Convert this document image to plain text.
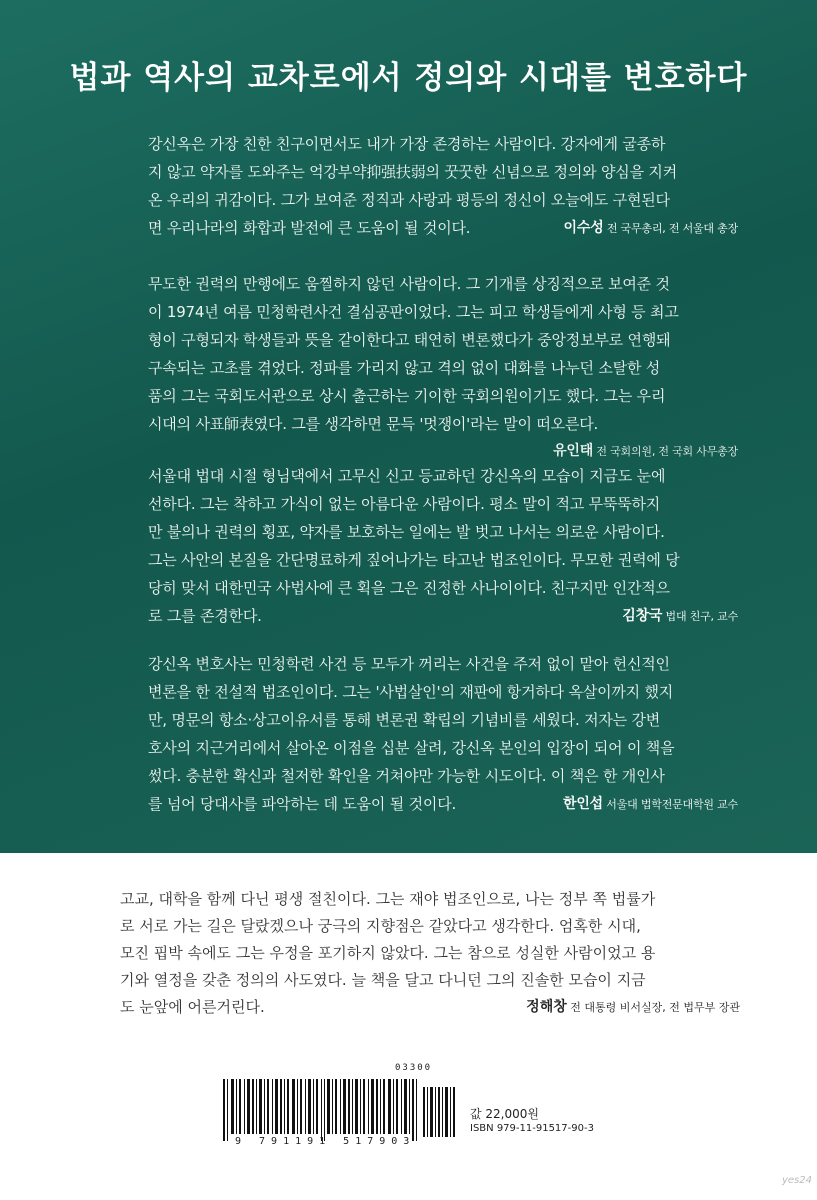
법과 역사의 교차로에서 정의와 시대를 변호하다
강신옥은 가장 친한 친구이면서도 내가 가장 존경하는 사람이다. 강자에게 굴종하
지 않고 약자를 도와주는 억강부약抑强扶弱의 꿋꿋한 신념으로 정의와 양심을 지켜
온 우리의 귀감이다. 그가 보여준 정직과 사랑과 평등의 정신이 오늘에도 구현된다
면 우리나라의 화합과 발전에 큰 도움이 될 것이다.	이수성 전 국무총리, 전 서울대 총장
무도한 권력의 만행에도 움찔하지 않던 사람이다. 그 기개를 상징적으로 보여준 것
이 1974년 여름 민청학련사건 결심공판이었다. 그는 피고 학생들에게 사형 등 최고
형이 구형되자 학생들과 뜻을 같이한다고 태연히 변론했다가 중앙정보부로 연행돼
구속되는 고초를 겪었다. 정파를 가리지 않고 격의 없이 대화를 나누던 소탈한 성
품의 그는 국회도서관으로 상시 출근하는 기이한 국회의원이기도 했다. 그는 우리
시대의 사표師表였다. 그를 생각하면 문득 '멋쟁이'라는 말이 떠오른다.
유인태 전 국회의원, 전 국회 사무총장
서울대 법대 시절 형님댁에서 고무신 신고 등교하던 강신옥의 모습이 지금도 눈에
선하다. 그는 착하고 가식이 없는 아름다운 사람이다. 평소 말이 적고 무뚝뚝하지
만 불의나 권력의 횡포, 약자를 보호하는 일에는 발 벗고 나서는 의로운 사람이다.
그는 사안의 본질을 간단명료하게 짚어나가는 타고난 법조인이다. 무모한 권력에 당
당히 맞서 대한민국 사법사에 큰 획을 그은 진정한 사나이이다. 친구지만 인간적으
로 그를 존경한다.	김창국 법대 친구, 교수
강신옥 변호사는 민청학련 사건 등 모두가 꺼리는 사건을 주저 없이 맡아 헌신적인
변론을 한 전설적 법조인이다. 그는 '사법살인'의 재판에 항거하다 옥살이까지 했지
만, 명문의 항소·상고이유서를 통해 변론권 확립의 기념비를 세웠다. 저자는 강변
호사의 지근거리에서 살아온 이점을 십분 살려, 강신옥 본인의 입장이 되어 이 책을
썼다. 충분한 확신과 철저한 확인을 거쳐야만 가능한 시도이다. 이 책은 한 개인사
를 넘어 당대사를 파악하는 데 도움이 될 것이다.	한인섭 서울대 법학전문대학원 교수
고교, 대학을 함께 다닌 평생 절친이다. 그는 재야 법조인으로, 나는 정부 쪽 법률가
로 서로 가는 길은 달랐겠으나 궁극의 지향점은 같았다고 생각한다. 엄혹한 시대,
모진 핍박 속에도 그는 우정을 포기하지 않았다. 그는 참으로 성실한 사람이었고 용
기와 열정을 갖춘 정의의 사도였다. 늘 책을 달고 다니던 그의 진솔한 모습이 지금
도 눈앞에 어른거린다.	정해창 전 대통령 비서실장, 전 법무부 장관
03300
9 791191 517903
값 22,000원
ISBN 979-11-91517-90-3
yes24
